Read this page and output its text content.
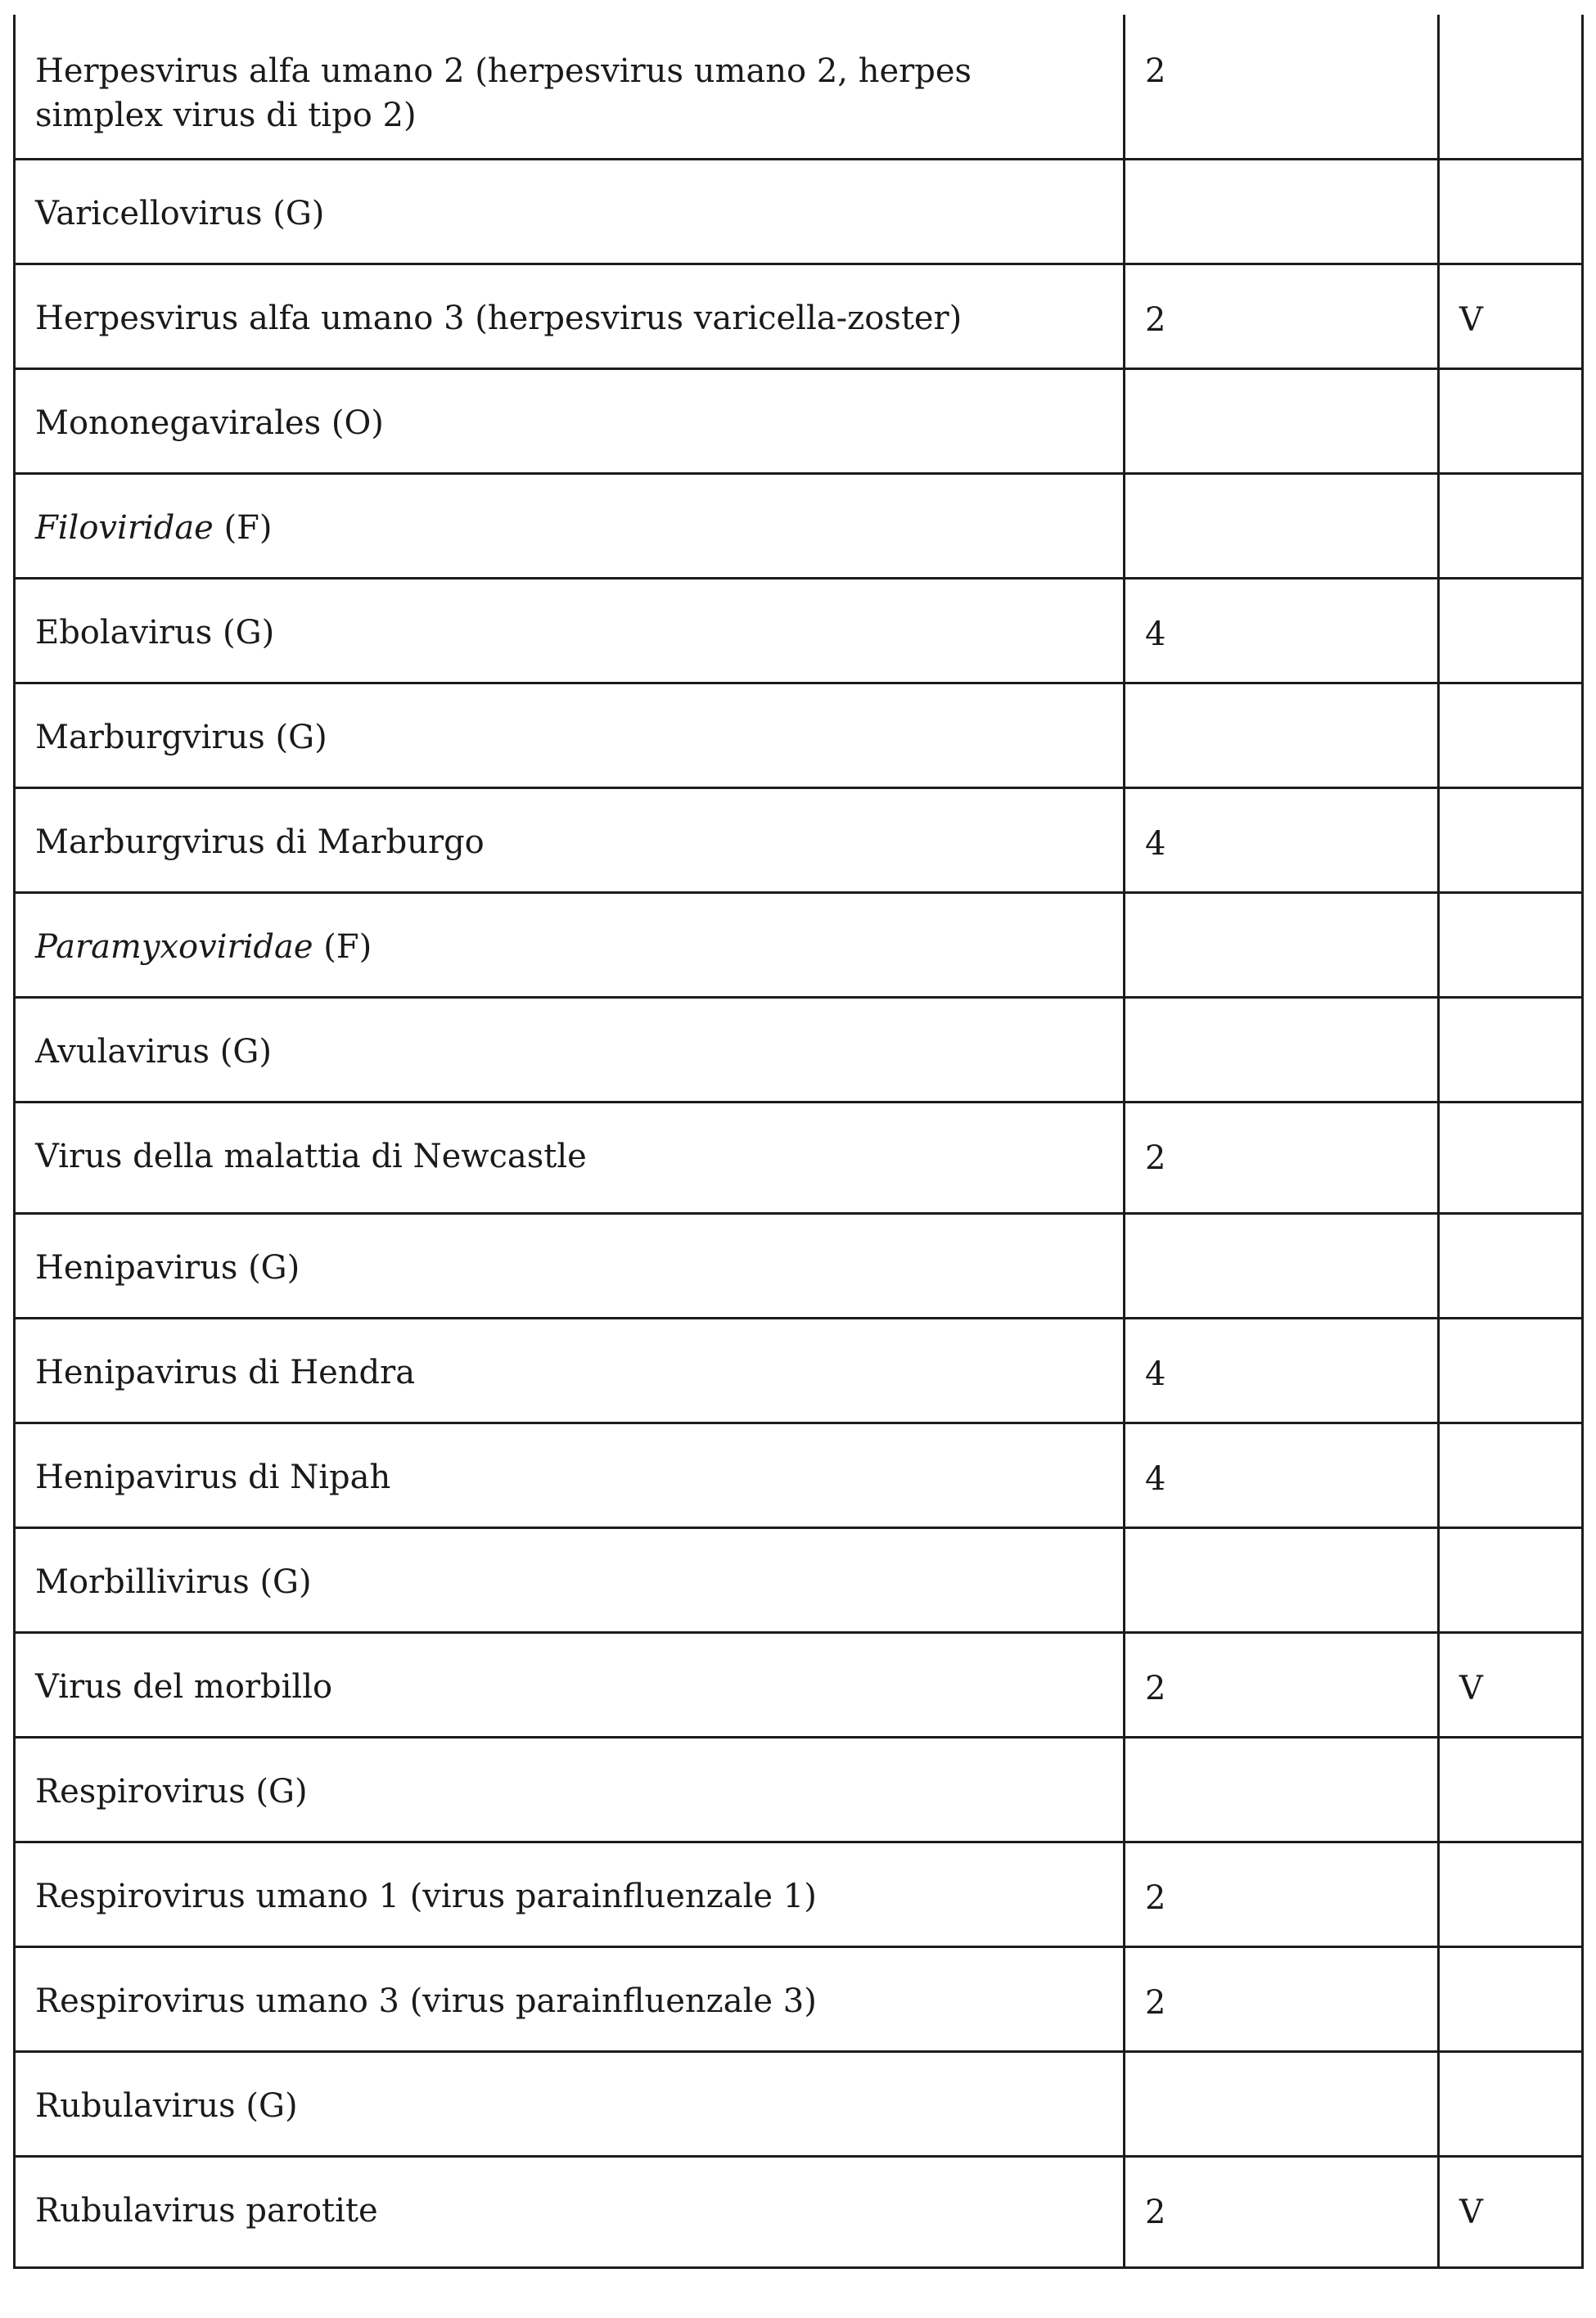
Herpesvirus alfa umano 2 (herpesvirus umano 2, herpes simplex virus di tipo 2)	2	
Varicellovirus (G)		
Herpesvirus alfa umano 3 (herpesvirus varicella-zoster)	2	V
Mononegavirales (O)		
Filoviridae (F)		
Ebolavirus (G)	4	
Marburgvirus (G)		
Marburgvirus di Marburgo	4	
Paramyxoviridae (F)		
Avulavirus (G)		
Virus della malattia di Newcastle	2	
Henipavirus (G)		
Henipavirus di Hendra	4	
Henipavirus di Nipah	4	
Morbillivirus (G)		
Virus del morbillo	2	V
Respirovirus (G)		
Respirovirus umano 1 (virus parainfluenzale 1)	2	
Respirovirus umano 3 (virus parainfluenzale 3)	2	
Rubulavirus (G)		
Rubulavirus parotite	2	V
